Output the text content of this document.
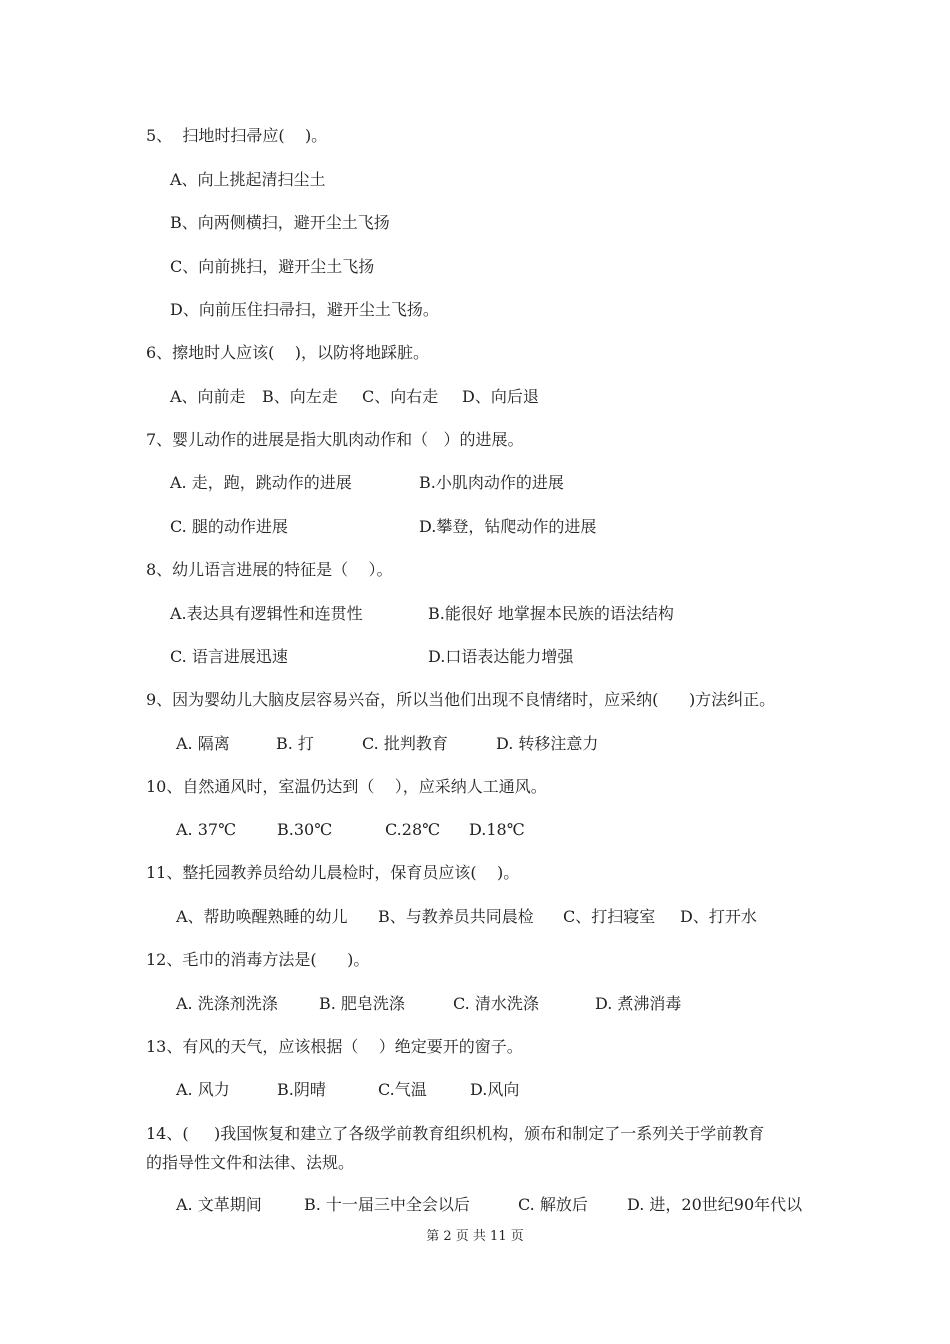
5、  扫地时扫帚应(    )。
A、向上挑起清扫尘土
B、向两侧横扫，避开尘土飞扬
C、向前挑扫，避开尘土飞扬
D、向前压住扫帚扫，避开尘土飞扬。
6、擦地时人应该(    )，以防将地踩脏。
A、向前走 B、向左走 C、向右走 D、向后退
7、婴儿动作的进展是指大肌肉动作和（   ）的进展。
A. 走，跑，跳动作的进展	B.小肌肉动作的进展
C. 腿的动作进展	D.攀登，钻爬动作的进展
8、幼儿语言进展的特征是（    ）。
A.表达具有逻辑性和连贯性	B.能很好 地掌握本民族的语法结构
C. 语言进展迅速	D.口语表达能力增强
9、因为婴幼儿大脑皮层容易兴奋，所以当他们出现不良情绪时，应采纳(      )方法纠正。
A. 隔离	B. 打	C. 批判教育	D. 转移注意力
10、自然通风时，室温仍达到（    ），应采纳人工通风。
A. 37℃	B.30℃	C.28℃ D.18℃
11、整托园教养员给幼儿晨检时，保育员应该(    )。
A、帮助唤醒熟睡的幼儿 B、与教养员共同晨检 C、打扫寝室 D、打开水
12、毛巾的消毒方法是(      )。
A. 洗涤剂洗涤	B. 肥皂洗涤	C. 清水洗涤	D. 煮沸消毒
13、有风的天气，应该根据（    ）绝定要开的窗子。
A. 风力	B.阴晴	C.气温	D.风向
14、(     )我国恢复和建立了各级学前教育组织机构，颁布和制定了一系列关于学前教育
的指导性文件和法律、法规。
A. 文革期间	B. 十一届三中全会以后	C. 解放后 D. 进，20世纪90年代以
第 2 页 共 11 页
